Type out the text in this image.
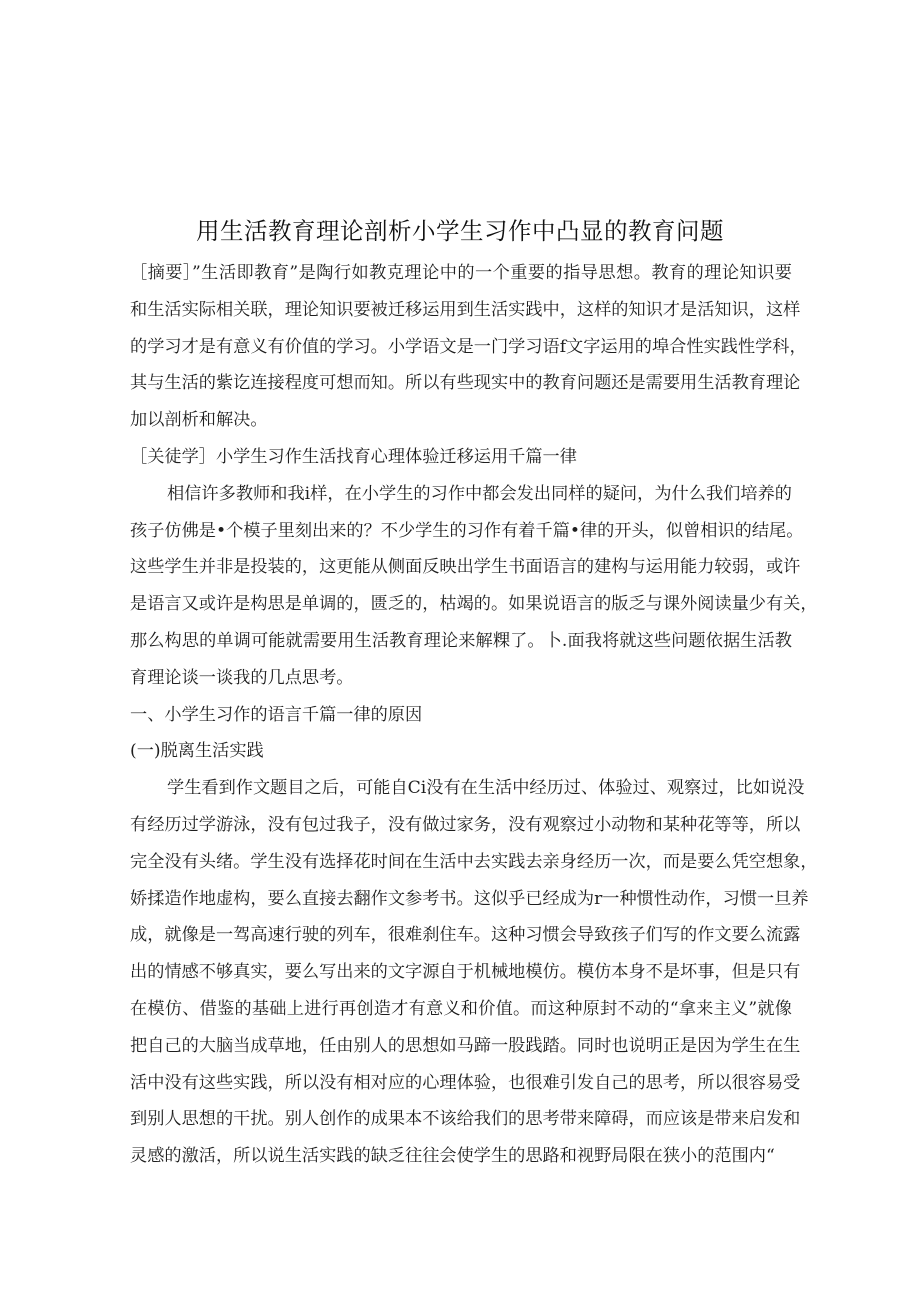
用生活教育理论剖析小学生习作中凸显的教育问题
［摘要］”生活即教育”是陶行如教克理论中的一个重要的指导思想。教育的理论知识要
和生活实际相关联，理论知识要被迁移运用到生活实践中，这样的知识才是活知识，这样
的学习才是有意义有价值的学习。小学语文是一门学习语f文字运用的埠合性实践性学科，
其与生活的紫讫连接程度可想而知。所以有些现实中的教育问题还是需要用生活教育理论
加以剖析和解决。
［关徒学］小学生习作生活找育心理体验迁移运用千篇一律
相信许多教师和我i样，在小学生的习作中都会发出同样的疑问，为什么我们培养的
孩子仿佛是•个模子里刻出来的？不少学生的习作有着千篇•律的开头，似曾相识的结尾。
这些学生并非是投装的，这更能从侧面反映出学生书面语言的建构与运用能力较弱，或许
是语言又或许是构思是单调的，匮乏的，枯竭的。如果说语言的版乏与课外阅读量少有关，
那么构思的单调可能就需要用生活教育理论来解粿了。卜.面我将就这些问题依据生活教
育理论谈一谈我的几点思考。
一、小学生习作的语言千篇一律的原因
(一)脱离生活实践
学生看到作文题目之后，可能自Ci没有在生活中经历过、体验过、观察过，比如说没
有经历过学游泳，没有包过我子，没有做过家务，没有观察过小动物和某种花等等，所以
完全没有头绪。学生没有选择花时间在生活中去实践去亲身经历一次，而是要么凭空想象，
娇揉造作地虚构，要么直接去翻作文参考书。这似乎已经成为r一种惯性动作，习惯一旦养
成，就像是一驾高速行驶的列车，很难刹住车。这种习惯会导致孩子们写的作文要么流露
出的情感不够真实，要么写出来的文字源自于机械地模仿。模仿本身不是坏事，但是只有
在模仿、借鉴的基础上进行再创造才有意义和价值。而这种原封不动的“拿来主义”就像
把自己的大脑当成草地，任由别人的思想如马蹄一股践踏。同时也说明正是因为学生在生
活中没有这些实践，所以没有相对应的心理体验，也很难引发自己的思考，所以很容易受
到别人思想的干扰。别人创作的成果本不该给我们的思考带来障碍，而应该是带来启发和
灵感的激活，所以说生活实践的缺乏往往会使学生的思路和视野局限在狭小的范围内“
